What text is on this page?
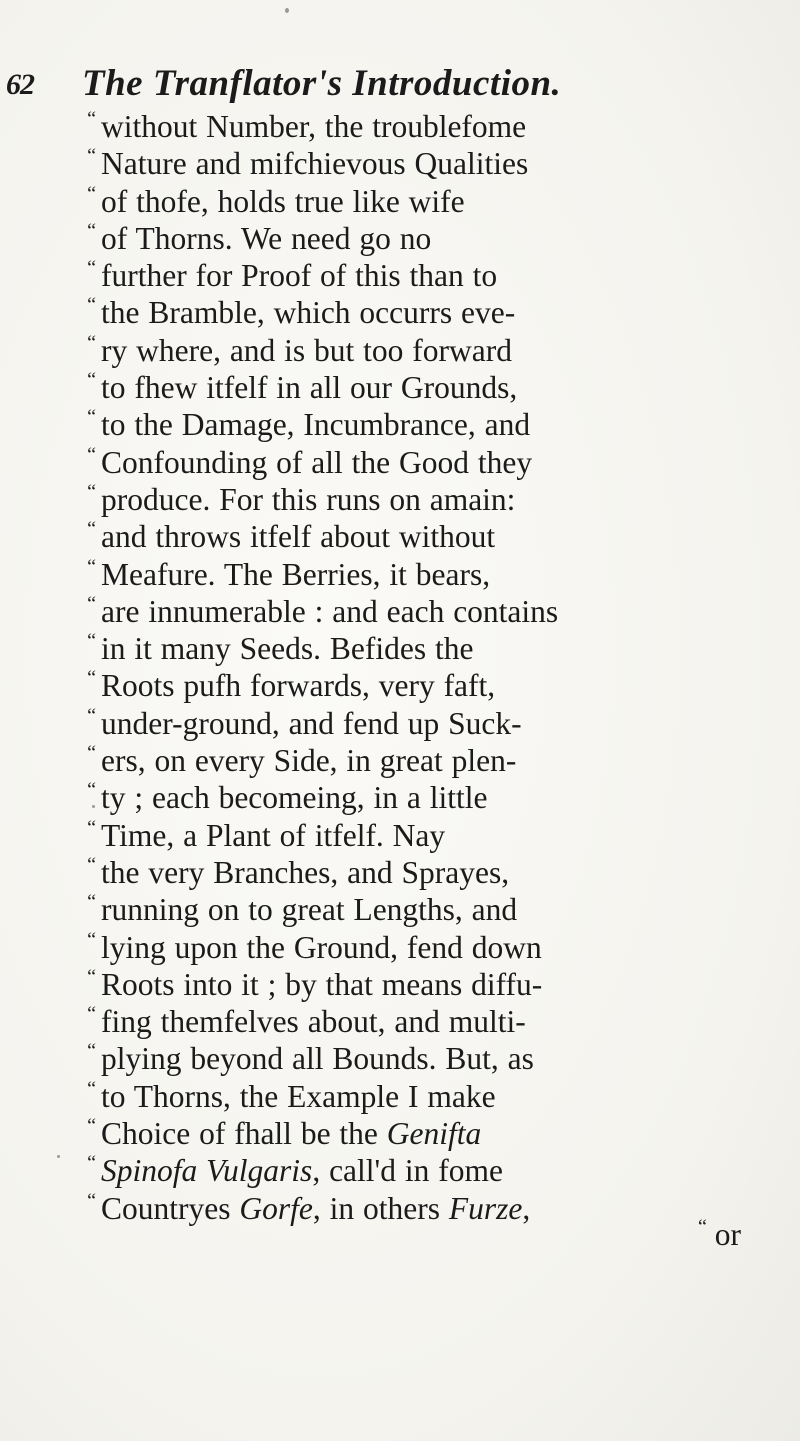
62 The Tranflator's Introduction.
“ without Number, the troublefome
“ Nature and mifchievous Qualities
“ of thofe, holds true like wife
“ of Thorns. We need go no
“ further for Proof of this than to
“ the Bramble, which occurrs eve-
“ ry where, and is but too forward
“ to fhew itfelf in all our Grounds,
“ to the Damage, Incumbrance, and
“ Confounding of all the Good they
“ produce. For this runs on amain:
“ and throws itfelf about without
“ Meafure. The Berries, it bears,
“ are innumerable : and each contains
“ in it many Seeds. Befides the
“ Roots pufh forwards, very faft,
“ under-ground, and fend up Suck-
“ ers, on every Side, in great plen-
“ ty ; each becomeing, in a little
“ Time, a Plant of itfelf. Nay
“ the very Branches, and Sprayes,
“ running on to great Lengths, and
“ lying upon the Ground, fend down
“ Roots into it ; by that means diffu-
“ fing themfelves about, and multi-
“ plying beyond all Bounds. But, as
“ to Thorns, the Example I make
“ Choice of fhall be the Genifta
“ Spinofa Vulgaris, call'd in fome
“ Countryes Gorfe, in others Furze,
“ or
